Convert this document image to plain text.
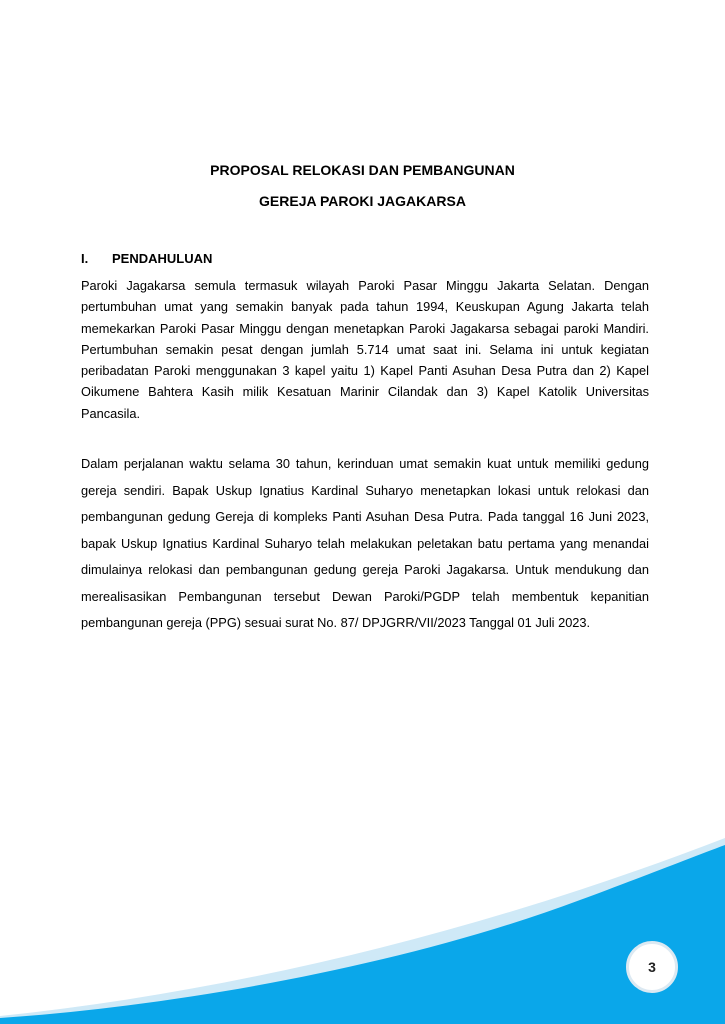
PROPOSAL RELOKASI DAN PEMBANGUNAN
GEREJA PAROKI JAGAKARSA
I. PENDAHULUAN

Paroki Jagakarsa semula termasuk wilayah Paroki Pasar Minggu Jakarta Selatan. Dengan pertumbuhan umat yang semakin banyak pada tahun 1994, Keuskupan Agung Jakarta telah memekarkan Paroki Pasar Minggu dengan menetapkan Paroki Jagakarsa sebagai paroki Mandiri. Pertumbuhan semakin pesat dengan jumlah 5.714 umat saat ini. Selama ini untuk kegiatan peribadatan Paroki menggunakan 3 kapel yaitu 1) Kapel Panti Asuhan Desa Putra dan 2) Kapel Oikumene Bahtera Kasih milik Kesatuan Marinir Cilandak dan 3) Kapel Katolik Universitas Pancasila.

Dalam perjalanan waktu selama 30 tahun, kerinduan umat semakin kuat untuk memiliki gedung gereja sendiri. Bapak Uskup Ignatius Kardinal Suharyo menetapkan lokasi untuk relokasi dan pembangunan gedung Gereja di kompleks Panti Asuhan Desa Putra. Pada tanggal 16 Juni 2023, bapak Uskup Ignatius Kardinal Suharyo telah melakukan peletakan batu pertama yang menandai dimulainya relokasi dan pembangunan gedung gereja Paroki Jagakarsa. Untuk mendukung dan merealisasikan Pembangunan tersebut Dewan Paroki/PGDP telah membentuk kepanitian pembangunan gereja (PPG) sesuai surat No. 87/ DPJGRR/VII/2023 Tanggal 01 Juli 2023.

3
